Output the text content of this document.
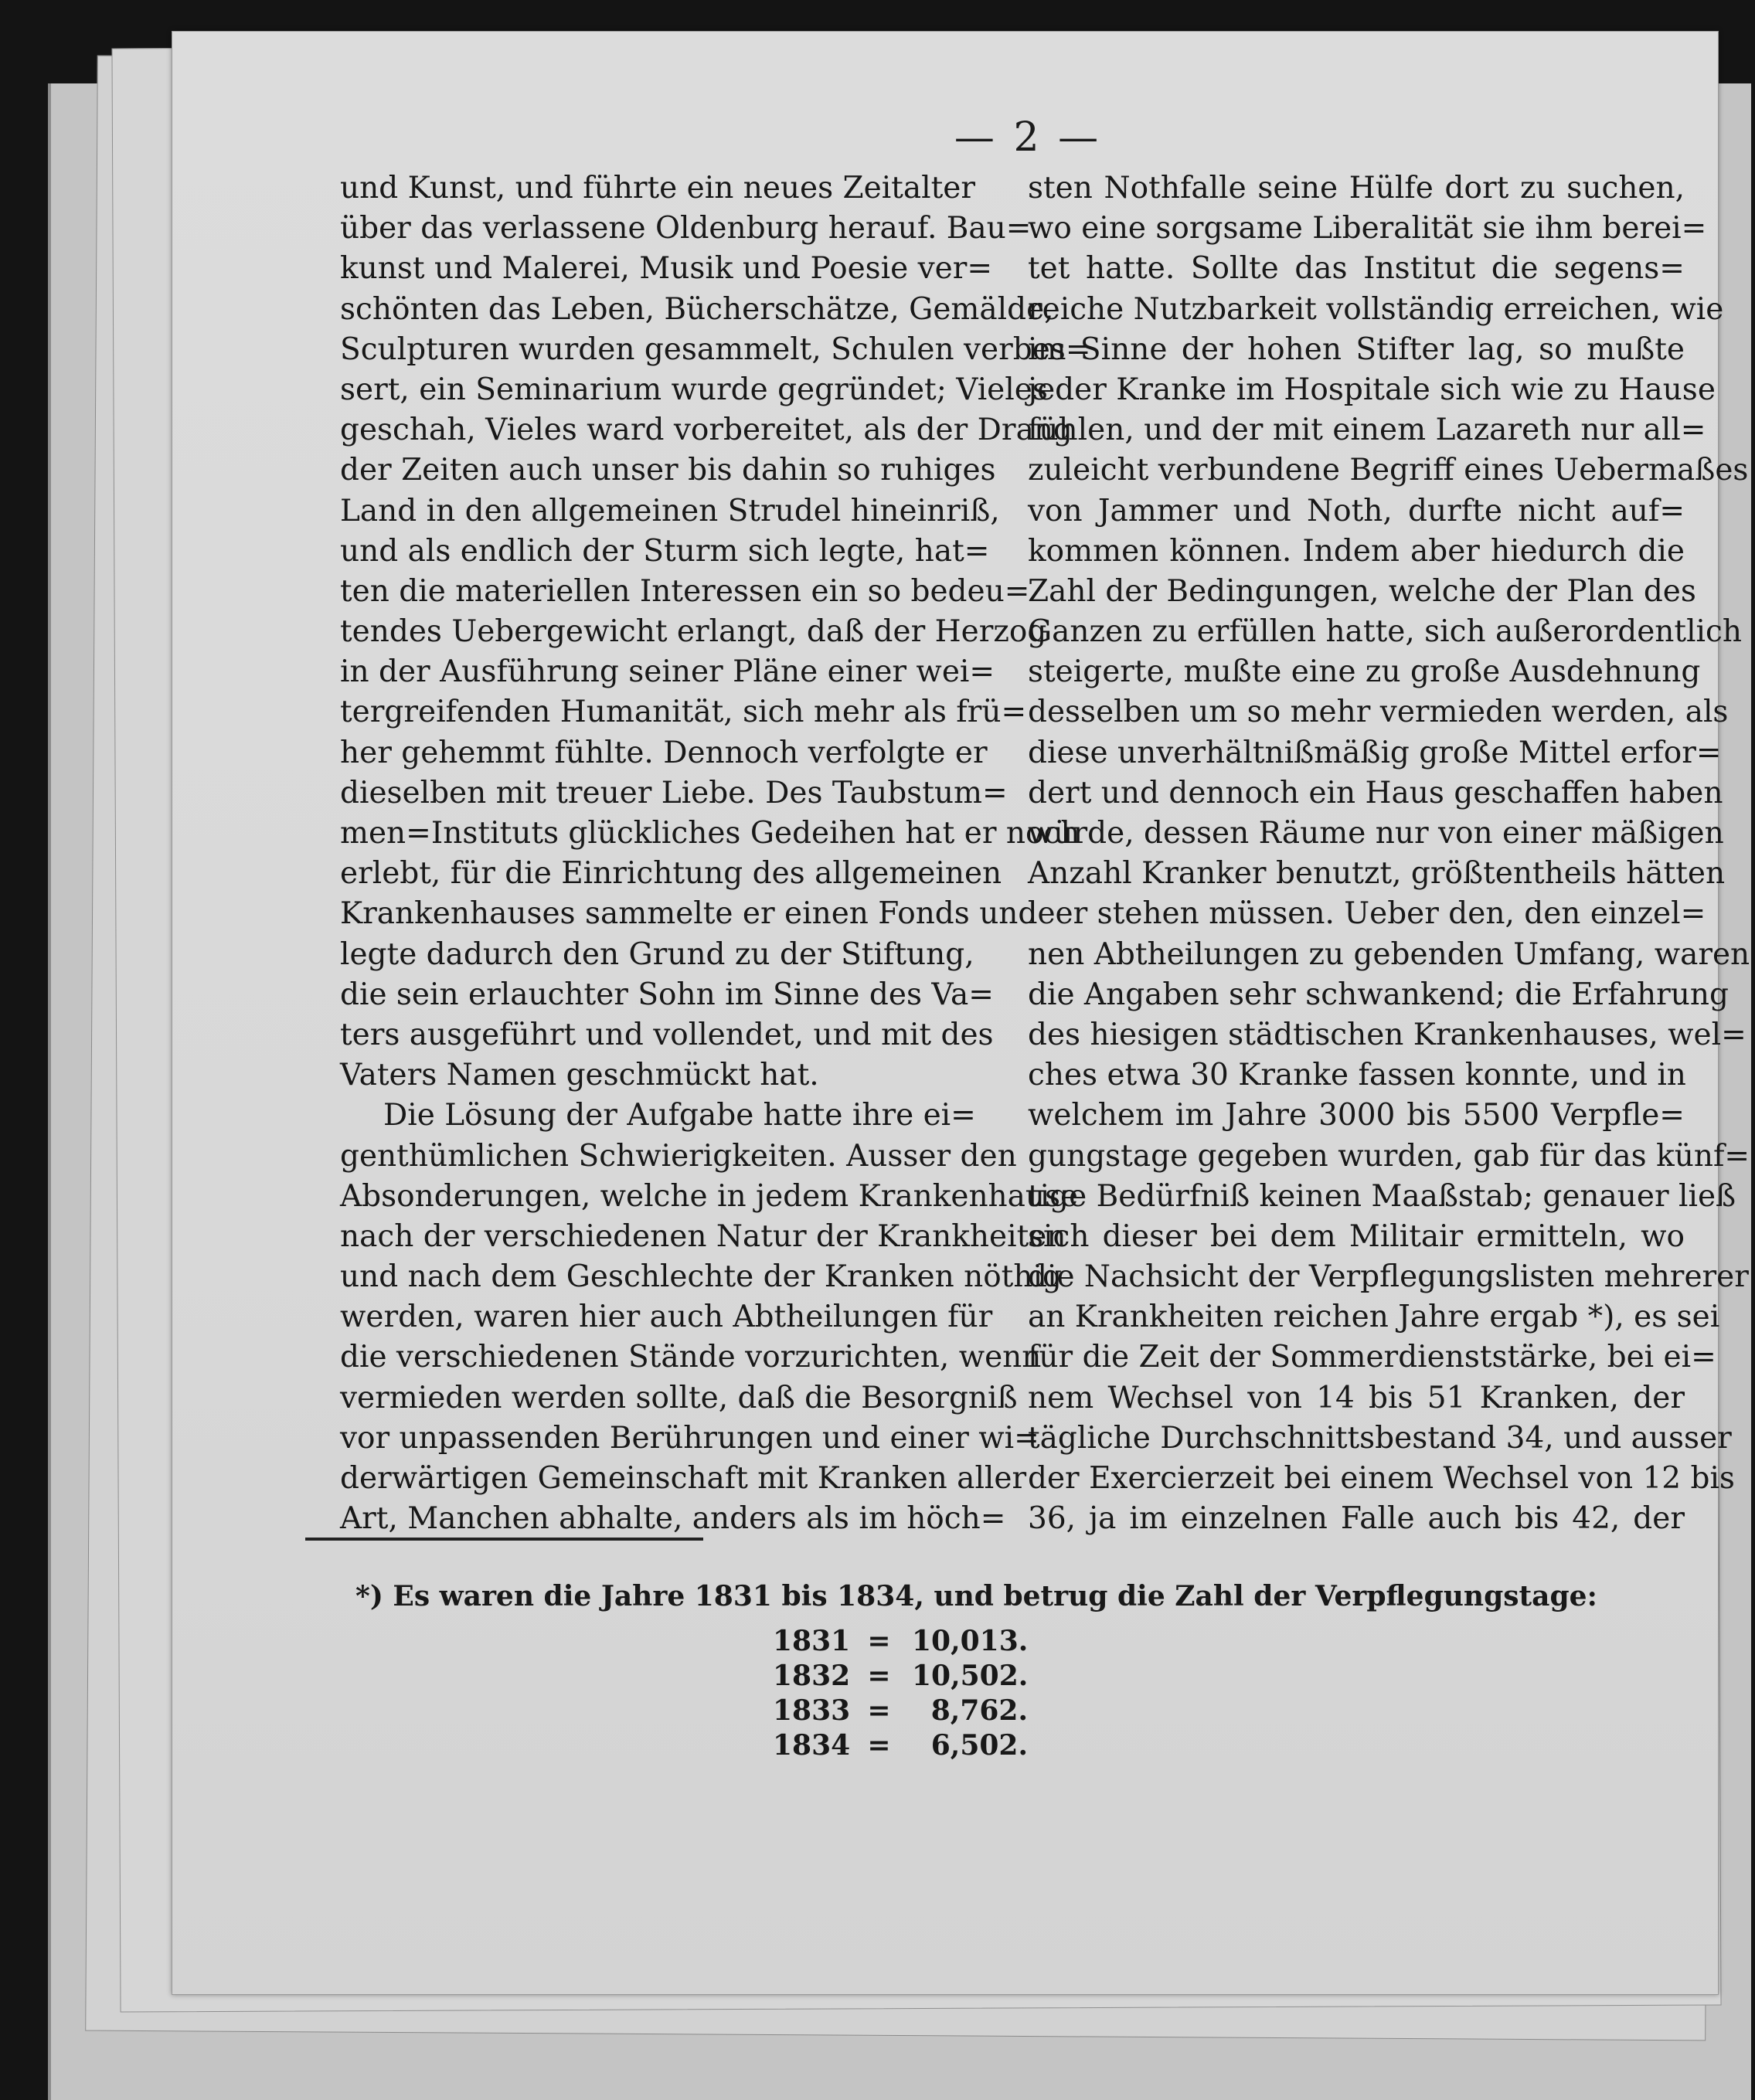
— 2 —
und Kunst, und führte ein neues Zeitalter
über das verlassene Oldenburg herauf. Bau=
kunst und Malerei, Musik und Poesie ver=
schönten das Leben, Bücherschätze, Gemälde,
Sculpturen wurden gesammelt, Schulen verbes=
sert, ein Seminarium wurde gegründet; Vieles
geschah, Vieles ward vorbereitet, als der Drang
der Zeiten auch unser bis dahin so ruhiges
Land in den allgemeinen Strudel hineinriß,
und als endlich der Sturm sich legte, hat=
ten die materiellen Interessen ein so bedeu=
tendes Uebergewicht erlangt, daß der Herzog
in der Ausführung seiner Pläne einer wei=
tergreifenden Humanität, sich mehr als frü=
her gehemmt fühlte. Dennoch verfolgte er
dieselben mit treuer Liebe. Des Taubstum=
men=Instituts glückliches Gedeihen hat er noch
erlebt, für die Einrichtung des allgemeinen
Krankenhauses sammelte er einen Fonds und
legte dadurch den Grund zu der Stiftung,
die sein erlauchter Sohn im Sinne des Va=
ters ausgeführt und vollendet, und mit des
Vaters Namen geschmückt hat.
Die Lösung der Aufgabe hatte ihre ei=
genthümlichen Schwierigkeiten. Ausser den
Absonderungen, welche in jedem Krankenhause
nach der verschiedenen Natur der Krankheiten
und nach dem Geschlechte der Kranken nöthig
werden, waren hier auch Abtheilungen für
die verschiedenen Stände vorzurichten, wenn
vermieden werden sollte, daß die Besorgniß
vor unpassenden Berührungen und einer wi=
derwärtigen Gemeinschaft mit Kranken aller
Art, Manchen abhalte, anders als im höch=
sten Nothfalle seine Hülfe dort zu suchen,
wo eine sorgsame Liberalität sie ihm berei=
tet hatte. Sollte das Institut die segens=
reiche Nutzbarkeit vollständig erreichen, wie
im Sinne der hohen Stifter lag, so mußte
jeder Kranke im Hospitale sich wie zu Hause
fühlen, und der mit einem Lazareth nur all=
zuleicht verbundene Begriff eines Uebermaßes
von Jammer und Noth, durfte nicht auf=
kommen können. Indem aber hiedurch die
Zahl der Bedingungen, welche der Plan des
Ganzen zu erfüllen hatte, sich außerordentlich
steigerte, mußte eine zu große Ausdehnung
desselben um so mehr vermieden werden, als
diese unverhältnißmäßig große Mittel erfor=
dert und dennoch ein Haus geschaffen haben
würde, dessen Räume nur von einer mäßigen
Anzahl Kranker benutzt, größtentheils hätten
leer stehen müssen. Ueber den, den einzel=
nen Abtheilungen zu gebenden Umfang, waren
die Angaben sehr schwankend; die Erfahrung
des hiesigen städtischen Krankenhauses, wel=
ches etwa 30 Kranke fassen konnte, und in
welchem im Jahre 3000 bis 5500 Verpfle=
gungstage gegeben wurden, gab für das künf=
tige Bedürfniß keinen Maaßstab; genauer ließ
sich dieser bei dem Militair ermitteln, wo
die Nachsicht der Verpflegungslisten mehrerer
an Krankheiten reichen Jahre ergab *), es sei
für die Zeit der Sommerdienststärke, bei ei=
nem Wechsel von 14 bis 51 Kranken, der
tägliche Durchschnittsbestand 34, und ausser
der Exercierzeit bei einem Wechsel von 12 bis
36, ja im einzelnen Falle auch bis 42, der
*) Es waren die Jahre 1831 bis 1834, und betrug die Zahl der Verpflegungstage:
1831 = 10,013.
1832 = 10,502.
1833 =	8,762.
1834 =	6,502.
